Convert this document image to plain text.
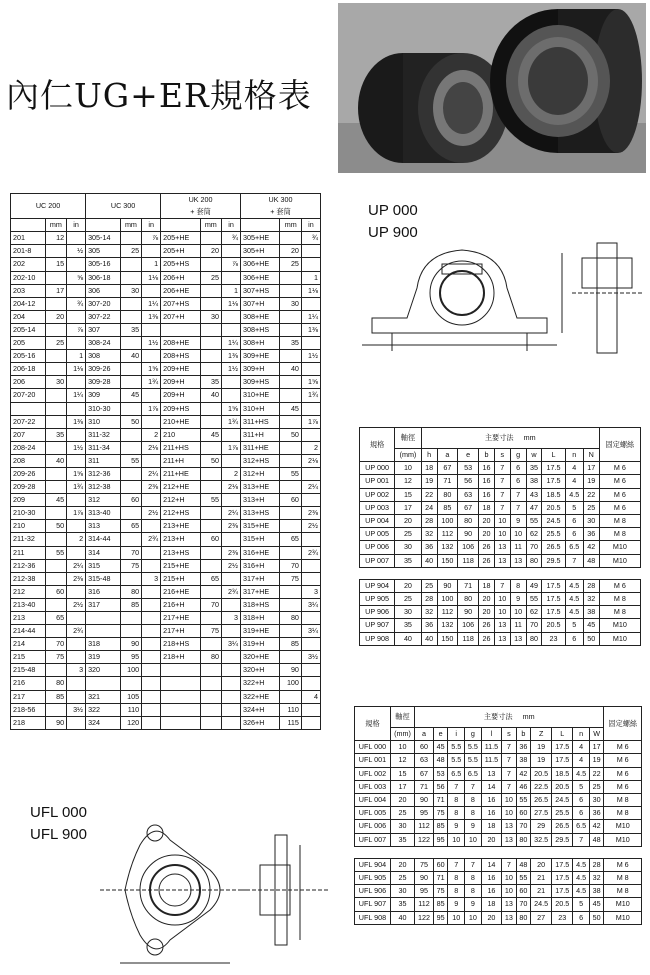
內仁UG+ER規格表
UC 200			UC 300			UK 200
+ 套筒			UK 300
+ 套筒		
	mm	in		mm	in		mm	in		mm	in
201	12		305-14		⅞	205+HE		¾	305+HE		¾
201-8		½	305	25		205+H	20		305+H	20	
202	15		305-16		1	205+HS		⅞	306+HE	25	
202-10		⅝	306-18		1⅛	206+H	25		306+HE		1
203	17		306	30		206+HE		1	307+HS		1⅛
204-12		¾	307-20		1¼	207+HS		1⅛	307+H	30	
204	20		307-22		1⅜	207+H	30		308+HE		1¼
205-14		⅞	307	35					308+HS		1⅜
205	25		308-24		1½	208+HE		1¼	308+H	35	
205-16		1	308	40		208+HS		1⅜	309+HE		1½
206-18		1⅛	309-26		1⅝	209+HE		1½	309+H	40	
206	30		309-28		1¾	209+H	35		309+HS		1⅝
207-20		1¼	309	45		209+H	40		310+HE		1¾
			310-30		1⅞	209+HS		1⅝	310+H	45	
207-22		1⅜	310	50		210+HE		1¾	311+HS		1⅞
207	35		311-32		2	210	45		311+H	50	
208-24		1½	311-34		2⅛	211+HS		1⅞	311+HE		2
208	40		311	55		211+H	50		312+HS		2⅛
209-26		1⅝	312-36		2¼	211+HE		2	312+H	55	
209-28		1¾	312-38		2⅜	212+HE		2⅛	313+HE		2¼
209	45		312	60		212+H	55		313+H	60	
210-30		1⅞	313-40		2½	212+HS		2¼	313+HS		2⅜
210	50		313	65		213+HE		2⅜	315+HE		2½
211-32		2	314-44		2¾	213+H	60		315+H	65	
211	55		314	70		213+HS		2⅜	316+HE		2¾
212-36		2¼	315	75		215+HE		2½	316+H	70	
212-38		2⅜	315-48		3	215+H	65		317+H	75	
212	60		316	80		216+HE		2¾	317+HE		3
213-40		2½	317	85		216+H	70		318+HS		3¼
213	65					217+HE		3	318+H	80	
214-44		2¾				217+H	75		319+HE		3¼
214	70		318	90		218+HS		3¼	319+H	85	
215	75		319	95		218+H	80		320+HE		3½
215-48		3	320	100					320+H	90	
216	80								322+H	100	
217	85		321	105					322+HE		4
218-56		3½	322	110					324+H	110	
218	90		324	120					326+H	115	
UP 000
UP 900
規格	軸徑	主要寸法 mm										固定螺絲
	(mm)	h	a	e	b	s	g	w	L	n	N	
UP 000	10	18	67	53	16	7	6	35	17.5	4	17	M 6
UP 001	12	19	71	56	16	7	6	38	17.5	4	19	M 6
UP 002	15	22	80	63	16	7	7	43	18.5	4.5	22	M 6
UP 003	17	24	85	67	18	7	7	47	20.5	5	25	M 6
UP 004	20	28	100	80	20	10	9	55	24.5	6	30	M 8
UP 005	25	32	112	90	20	10	10	62	25.5	6	36	M 8
UP 006	30	36	132	106	26	13	11	70	26.5	6.5	42	M10
UP 007	35	40	150	118	26	13	13	80	29.5	7	48	M10

UP 904	20	25	90	71	18	7	8	49	17.5	4.5	28	M 6
UP 905	25	28	100	80	20	10	9	55	17.5	4.5	32	M 8
UP 906	30	32	112	90	20	10	10	62	17.5	4.5	38	M 8
UP 907	35	36	132	106	26	13	11	70	20.5	5	45	M10
UP 908	40	40	150	118	26	13	13	80	23	6	50	M10
規格	軸徑	主要寸法 mm											固定螺絲
	(mm)	a	e	i	g	l	s	b	Z	L	n	W	
UFL 000	10	60	45	5.5	5.5	11.5	7	36	19	17.5	4	17	M 6
UFL 001	12	63	48	5.5	5.5	11.5	7	38	19	17.5	4	19	M 6
UFL 002	15	67	53	6.5	6.5	13	7	42	20.5	18.5	4.5	22	M 6
UFL 003	17	71	56	7	7	14	7	46	22.5	20.5	5	25	M 6
UFL 004	20	90	71	8	8	16	10	55	26.5	24.5	6	30	M 8
UFL 005	25	95	75	8	8	16	10	60	27.5	25.5	6	36	M 8
UFL 006	30	112	85	9	9	18	13	70	29	26.5	6.5	42	M10
UFL 007	35	122	95	10	10	20	13	80	32.5	29.5	7	48	M10

UFL 904	20	75	60	7	7	14	7	48	20	17.5	4.5	28	M 6
UFL 905	25	90	71	8	8	16	10	55	21	17.5	4.5	32	M 8
UFL 906	30	95	75	8	8	16	10	60	21	17.5	4.5	38	M 8
UFL 907	35	112	85	9	9	18	13	70	24.5	20.5	5	45	M10
UFL 908	40	122	95	10	10	20	13	80	27	23	6	50	M10
UFL 000
UFL 900
